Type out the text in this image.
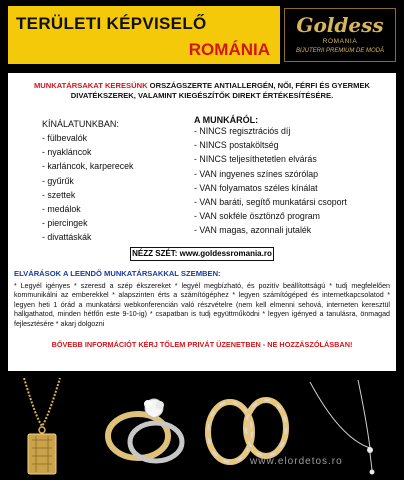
TERÜLETI KÉPVISELŐ
ROMÁNIA
Goldess
ROMANIA
BIJUTERII PREMIUM DE MODĂ
MUNKATÁRSAKAT KERESÜNK ORSZÁGSZERTE ANTIALLERGÉN, NŐI, FÉRFI ÉS GYERMEK DIVATÉKSZEREK, VALAMINT KIEGÉSZÍTŐK DIREKT ÉRTÉKESÍTÉSÉRE.
KÍNÁLATUNKBAN:
- fülbevalók
- nyakláncok
- karláncok, karperecek
- gyűrűk
- szettek
- medálok
- piercingek
- divattáskák
A MUNKÁRÓL:
- NINCS regisztrációs díj
- NINCS postaköltség
- NINCS teljesíthetetlen elvárás
- VAN ingyenes színes szórólap
- VAN folyamatos széles kínálat
- VAN baráti, segítő munkatársi csoport
- VAN sokféle ösztönző program
- VAN magas, azonnali jutalék
NÉZZ SZÉT: www.goldessromania.ro
ELVÁRÁSOK A LEENDŐ MUNKATÁRSAKKAL SZEMBEN:
* Legyél igényes * szeresd a szép ékszereket * legyél megbízható, és pozitív beállítottságú * tudj megfelelően kommunikálni az emberekkel * alapszinten érts a számítógéphez * legyen számítógéped és internetkapcsolatod * legyen heti 1 órád a munkatársi webkonferencián való részvételre (nem kell elmenni sehová, interneten keresztül hallgathatod, minden hétfőn este 9-10-ig) * csapatban is tudj együttműködni * legyen igényed a tanulásra, önmagad fejlesztésére * akarj dolgozni
BŐVEBB INFORMÁCIÓT KÉRJ TŐLEM PRIVÁT ÜZENETBEN - NE HOZZÁSZÓLÁSBAN!
www.elordetos.ro
